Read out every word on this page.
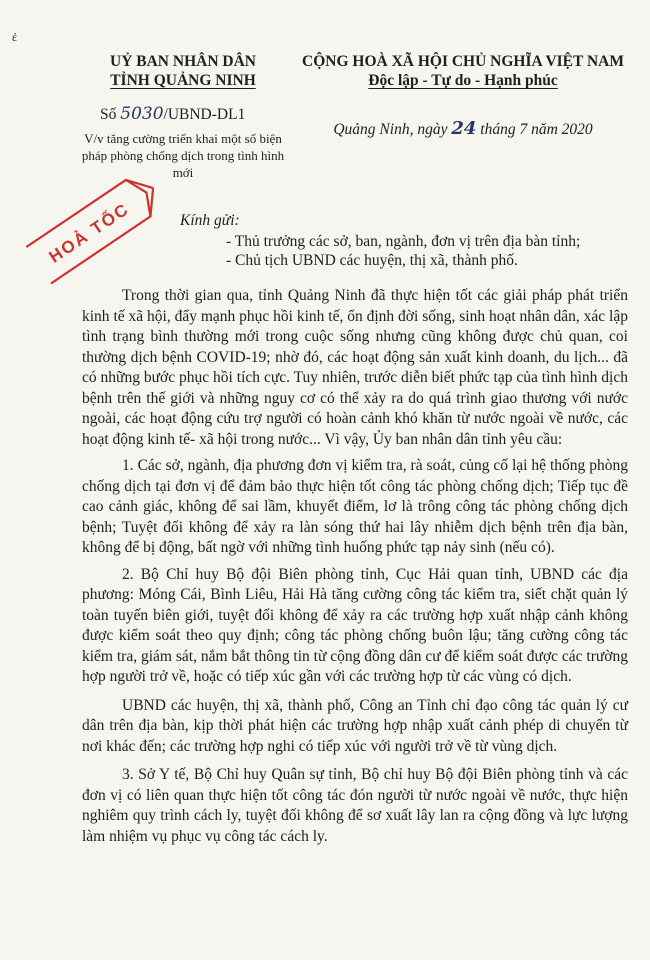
ἐ
UỶ BAN NHÂN DÂN
TỈNH QUẢNG NINH
Số 5030/UBND-DL1
V/v tăng cường triển khai một số biện pháp phòng chống dịch trong tình hình mới
CỘNG HOÀ XÃ HỘI CHỦ NGHĨA VIỆT NAM
Độc lập - Tự do - Hạnh phúc
Quảng Ninh, ngày 24 tháng 7 năm 2020
HOẢ TỐC	Kính gửi:
- Thủ trưởng các sở, ban, ngành, đơn vị trên địa bàn tỉnh;
- Chủ tịch UBND các huyện, thị xã, thành phố.

Trong thời gian qua, tỉnh Quảng Ninh đã thực hiện tốt các giải pháp phát triển kinh tế xã hội, đẩy mạnh phục hồi kinh tế, ổn định đời sống, sinh hoạt nhân dân, xác lập tình trạng bình thường mới trong cuộc sống nhưng cũng không được chủ quan, coi thường dịch bệnh COVID-19; nhờ đó, các hoạt động sản xuất kinh doanh, du lịch... đã có những bước phục hồi tích cực. Tuy nhiên, trước diễn biết phức tạp của tình hình dịch bệnh trên thế giới và những nguy cơ có thể xảy ra do quá trình giao thương với nước ngoài, các hoạt động cứu trợ người có hoàn cảnh khó khăn từ nước ngoài về nước, các hoạt động kinh tế- xã hội trong nước... Vì vậy, Ủy ban nhân dân tỉnh yêu cầu:

1. Các sở, ngành, địa phương đơn vị kiểm tra, rà soát, củng cố lại hệ thống phòng chống dịch tại đơn vị để đảm bảo thực hiện tốt công tác phòng chống dịch; Tiếp tục đề cao cảnh giác, không để sai lầm, khuyết điểm, lơ là trông công tác phòng chống dịch bệnh; Tuyệt đối không để xảy ra làn sóng thứ hai lây nhiễm dịch bệnh trên địa bàn, không để bị động, bất ngờ với những tình huống phức tạp nảy sinh (nếu có).

2. Bộ Chỉ huy Bộ đội Biên phòng tỉnh, Cục Hải quan tỉnh, UBND các địa phương: Móng Cái, Bình Liêu, Hải Hà tăng cường công tác kiểm tra, siết chặt quản lý toàn tuyến biên giới, tuyệt đối không để xảy ra các trường hợp xuất nhập cảnh không được kiểm soát theo quy định; công tác phòng chống buôn lậu; tăng cường công tác kiểm tra, giám sát, nắm bắt thông tin từ cộng đồng dân cư để kiểm soát được các trường hợp người trở về, hoặc có tiếp xúc gần với các trường hợp từ các vùng có dịch.

UBND các huyện, thị xã, thành phố, Công an Tỉnh chỉ đạo công tác quản lý cư dân trên địa bàn, kịp thời phát hiện các trường hợp nhập xuất cảnh phép di chuyển từ nơi khác đến; các trường hợp nghi có tiếp xúc với người trở về từ vùng dịch.

3. Sở Y tế, Bộ Chỉ huy Quân sự tỉnh, Bộ chỉ huy Bộ đội Biên phòng tỉnh và các đơn vị có liên quan thực hiện tốt công tác đón người từ nước ngoài về nước, thực hiện nghiêm quy trình cách ly, tuyệt đối không để sơ xuất lây lan ra cộng đồng và lực lượng làm nhiệm vụ phục vụ công tác cách ly.
